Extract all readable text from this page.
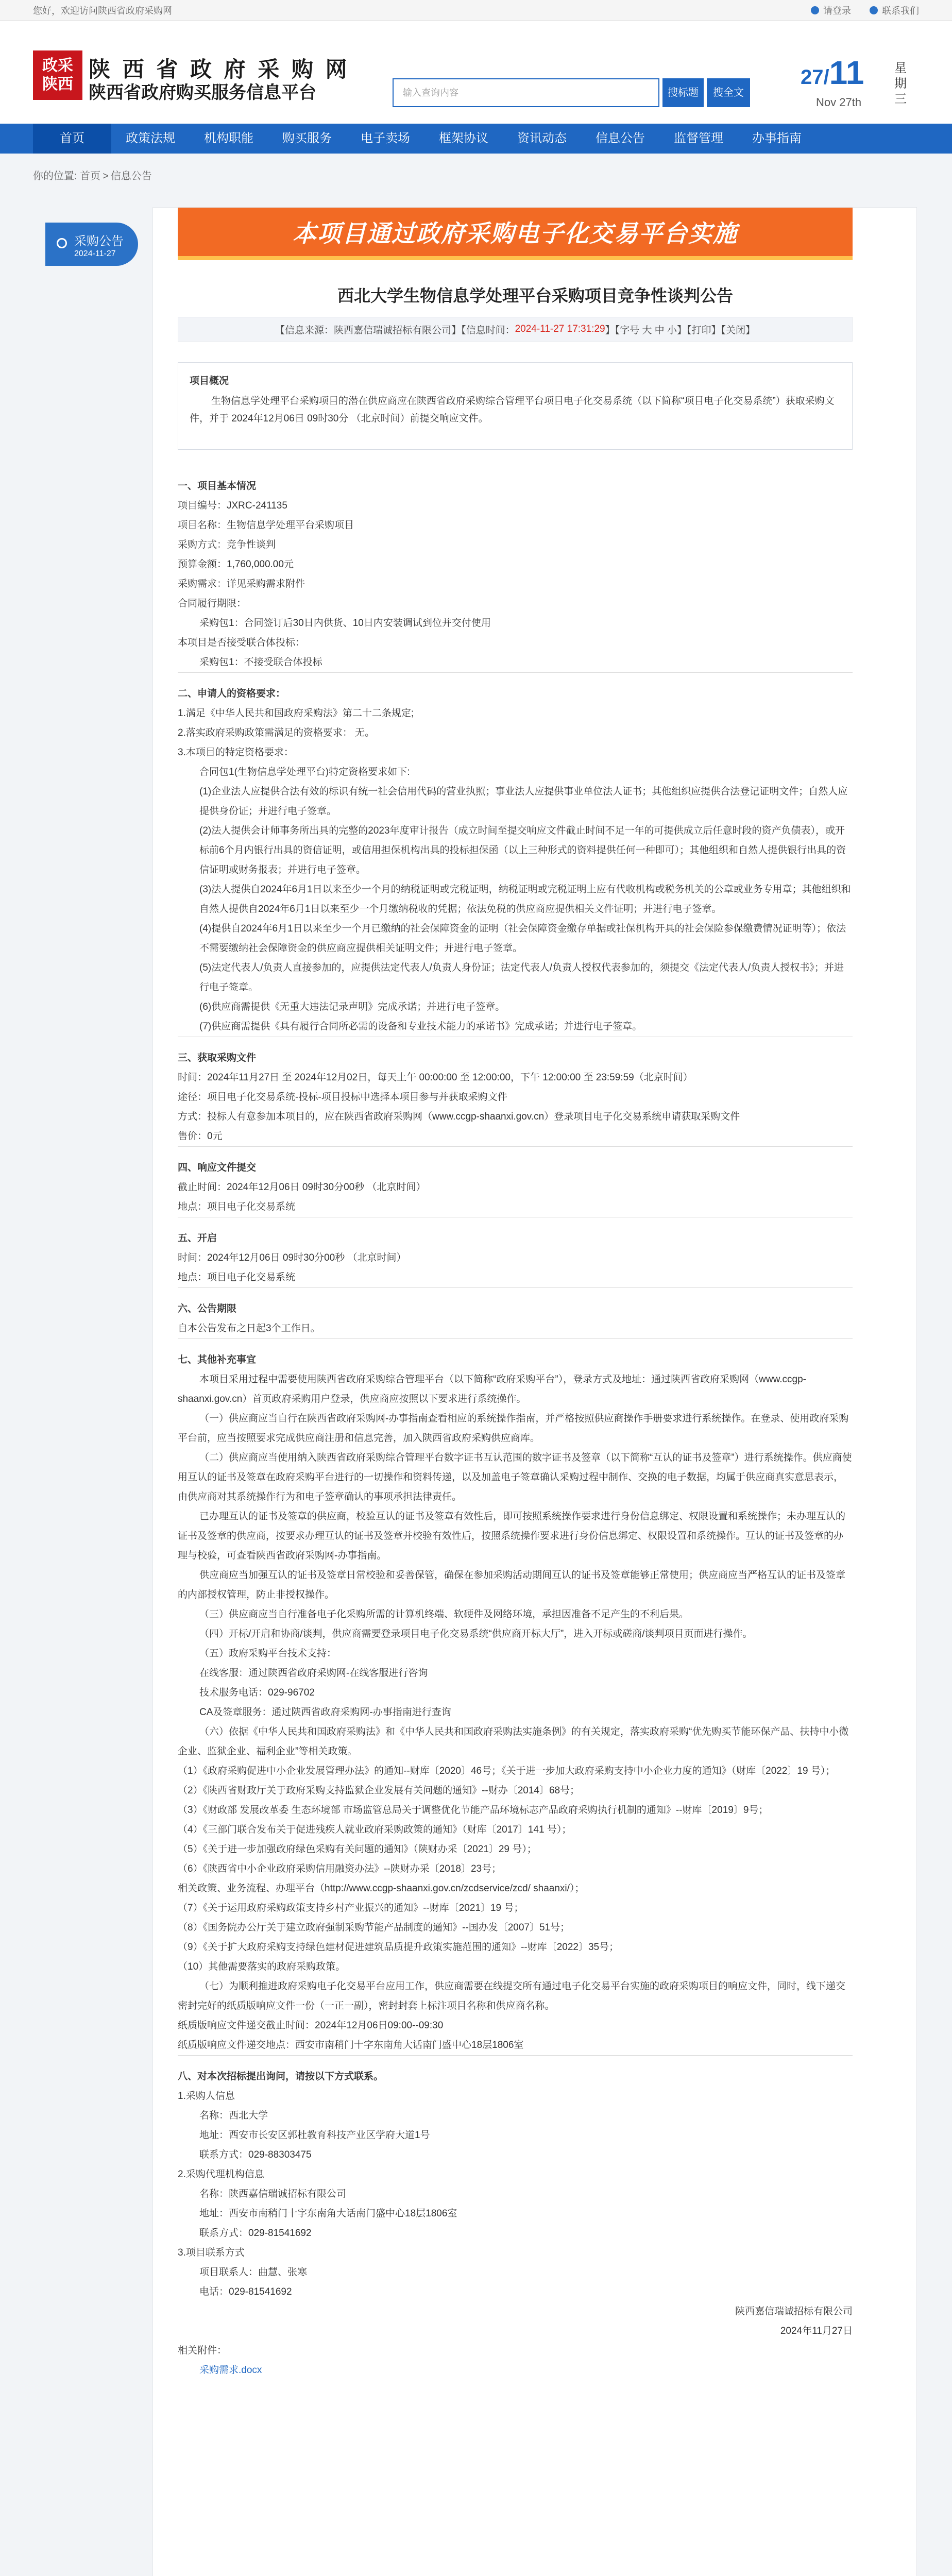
您好，欢迎访问陕西省政府采购网	请登录	联系我们
政采
陕西
陕 西 省 政 府 采 购 网
陕西省政府购买服务信息平台	输入查询内容	搜标题	搜全文
27/11
Nov 27th
星期三
首页	政策法规	机构职能	购买服务	电子卖场	框架协议	资讯动态	信息公告	监督管理	办事指南
你的位置: 首页 > 信息公告
采购公告
2024-11-27
本项目通过政府采购电子化交易平台实施
西北大学生物信息学处理平台采购项目竞争性谈判公告
【信息来源： 陕西嘉信瑞诚招标有限公司 】【信息时间： 2024-11-27 17:31:29 】【字号 大 中 小】【打印】【关闭】
项目概况
生物信息学处理平台采购项目的潜在供应商应在陕西省政府采购综合管理平台项目电子化交易系统（以下简称“项目电子化交易系统”）获取采购文件，并于 2024年12月06日 09时30分 （北京时间）前提交响应文件。

一、项目基本情况

项目编号：JXRC-241135

项目名称：生物信息学处理平台采购项目

采购方式：竞争性谈判

预算金额：1,760,000.00元

采购需求：详见采购需求附件

合同履行期限：

采购包1：合同签订后30日内供货、10日内安装调试到位并交付使用

本项目是否接受联合体投标：

采购包1：不接受联合体投标

二、申请人的资格要求：

1.满足《中华人民共和国政府采购法》第二十二条规定;

2.落实政府采购政策需满足的资格要求： 无。

3.本项目的特定资格要求：

合同包1(生物信息学处理平台)特定资格要求如下:

(1)企业法人应提供合法有效的标识有统一社会信用代码的营业执照；事业法人应提供事业单位法人证书；其他组织应提供合法登记证明文件；自然人应提供身份证；并进行电子签章。

(2)法人提供会计师事务所出具的完整的2023年度审计报告（成立时间至提交响应文件截止时间不足一年的可提供成立后任意时段的资产负债表），或开标前6个月内银行出具的资信证明，或信用担保机构出具的投标担保函（以上三种形式的资料提供任何一种即可）；其他组织和自然人提供银行出具的资信证明或财务报表；并进行电子签章。

(3)法人提供自2024年6月1日以来至少一个月的纳税证明或完税证明，纳税证明或完税证明上应有代收机构或税务机关的公章或业务专用章；其他组织和自然人提供自2024年6月1日以来至少一个月缴纳税收的凭据；依法免税的供应商应提供相关文件证明；并进行电子签章。

(4)提供自2024年6月1日以来至少一个月已缴纳的社会保障资金的证明（社会保障资金缴存单据或社保机构开具的社会保险参保缴费情况证明等）；依法不需要缴纳社会保障资金的供应商应提供相关证明文件；并进行电子签章。

(5)法定代表人/负责人直接参加的，应提供法定代表人/负责人身份证；法定代表人/负责人授权代表参加的，须提交《法定代表人/负责人授权书》；并进行电子签章。

(6)供应商需提供《无重大违法记录声明》完成承诺；并进行电子签章。

(7)供应商需提供《具有履行合同所必需的设备和专业技术能力的承诺书》完成承诺；并进行电子签章。

三、获取采购文件

时间：2024年11月27日 至 2024年12月02日，每天上午 00:00:00 至 12:00:00，下午 12:00:00 至 23:59:59（北京时间）

途径：项目电子化交易系统-投标-项目投标中选择本项目参与并获取采购文件

方式：投标人有意参加本项目的，应在陕西省政府采购网（www.ccgp-shaanxi.gov.cn）登录项目电子化交易系统申请获取采购文件

售价：0元

四、响应文件提交

截止时间：2024年12月06日 09时30分00秒 （北京时间）

地点：项目电子化交易系统

五、开启

时间：2024年12月06日 09时30分00秒 （北京时间）

地点：项目电子化交易系统

六、公告期限

自本公告发布之日起3个工作日。

七、其他补充事宜

本项目采用过程中需要使用陕西省政府采购综合管理平台（以下简称“政府采购平台”），登录方式及地址：通过陕西省政府采购网（www.ccgp-shaanxi.gov.cn）首页政府采购用户登录，供应商应按照以下要求进行系统操作。

（一）供应商应当自行在陕西省政府采购网-办事指南查看相应的系统操作指南，并严格按照供应商操作手册要求进行系统操作。在登录、使用政府采购平台前，应当按照要求完成供应商注册和信息完善，加入陕西省政府采购供应商库。

（二）供应商应当使用纳入陕西省政府采购综合管理平台数字证书互认范围的数字证书及签章（以下简称“互认的证书及签章”）进行系统操作。供应商使用互认的证书及签章在政府采购平台进行的一切操作和资料传递，以及加盖电子签章确认采购过程中制作、交换的电子数据，均属于供应商真实意思表示，由供应商对其系统操作行为和电子签章确认的事项承担法律责任。

已办理互认的证书及签章的供应商，校验互认的证书及签章有效性后，即可按照系统操作要求进行身份信息绑定、权限设置和系统操作；未办理互认的证书及签章的供应商，按要求办理互认的证书及签章并校验有效性后，按照系统操作要求进行身份信息绑定、权限设置和系统操作。互认的证书及签章的办理与校验，可查看陕西省政府采购网-办事指南。

供应商应当加强互认的证书及签章日常校验和妥善保管，确保在参加采购活动期间互认的证书及签章能够正常使用；供应商应当严格互认的证书及签章的内部授权管理，防止非授权操作。

（三）供应商应当自行准备电子化采购所需的计算机终端、软硬件及网络环境，承担因准备不足产生的不利后果。

（四）开标/开启和协商/谈判，供应商需要登录项目电子化交易系统“供应商开标大厅”，进入开标或磋商/谈判项目页面进行操作。

（五）政府采购平台技术支持：

在线客服：通过陕西省政府采购网-在线客服进行咨询

技术服务电话：029-96702

CA及签章服务：通过陕西省政府采购网-办事指南进行查询

（六）依据《中华人民共和国政府采购法》和《中华人民共和国政府采购法实施条例》的有关规定，落实政府采购“优先购买节能环保产品、扶持中小微企业、监狱企业、福利企业”等相关政策。

（1）《政府采购促进中小企业发展管理办法》的通知--财库〔2020〕46号；《关于进一步加大政府采购支持中小企业力度的通知》（财库〔2022〕19 号）；

（2）《陕西省财政厅关于政府采购支持监狱企业发展有关问题的通知》--财办〔2014〕68号；

（3）《财政部 发展改革委 生态环境部 市场监管总局关于调整优化节能产品环境标志产品政府采购执行机制的通知》--财库〔2019〕9号；

（4）《三部门联合发布关于促进残疾人就业政府采购政策的通知》（财库〔2017〕141 号）；

（5）《关于进一步加强政府绿色采购有关问题的通知》（陕财办采〔2021〕29 号）；

（6）《陕西省中小企业政府采购信用融资办法》--陕财办采〔2018〕23号；

相关政策、业务流程、办理平台（http://www.ccgp-shaanxi.gov.cn/zcdservice/zcd/ shaanxi/）；

（7）《关于运用政府采购政策支持乡村产业振兴的通知》--财库〔2021〕19 号；

（8）《国务院办公厅关于建立政府强制采购节能产品制度的通知》--国办发〔2007〕51号；

（9）《关于扩大政府采购支持绿色建材促进建筑品质提升政策实施范围的通知》--财库〔2022〕35号；

（10）其他需要落实的政府采购政策。

（七）为顺利推进政府采购电子化交易平台应用工作，供应商需要在线提交所有通过电子化交易平台实施的政府采购项目的响应文件，同时，线下递交密封完好的纸质版响应文件一份（一正一副），密封封套上标注项目名称和供应商名称。

纸质版响应文件递交截止时间：2024年12月06日09:00--09:30

纸质版响应文件递交地点：西安市南稍门十字东南角大话南门盛中心18层1806室

八、对本次招标提出询问，请按以下方式联系。

1.采购人信息

名称：西北大学

地址：西安市长安区郭杜教育科技产业区学府大道1号

联系方式：029-88303475

2.采购代理机构信息

名称：陕西嘉信瑞诚招标有限公司

地址：西安市南稍门十字东南角大话南门盛中心18层1806室

联系方式：029-81541692

3.项目联系方式

项目联系人：曲慧、张寒

电话：029-81541692

陕西嘉信瑞诚招标有限公司

2024年11月27日

相关附件：

采购需求.docx
